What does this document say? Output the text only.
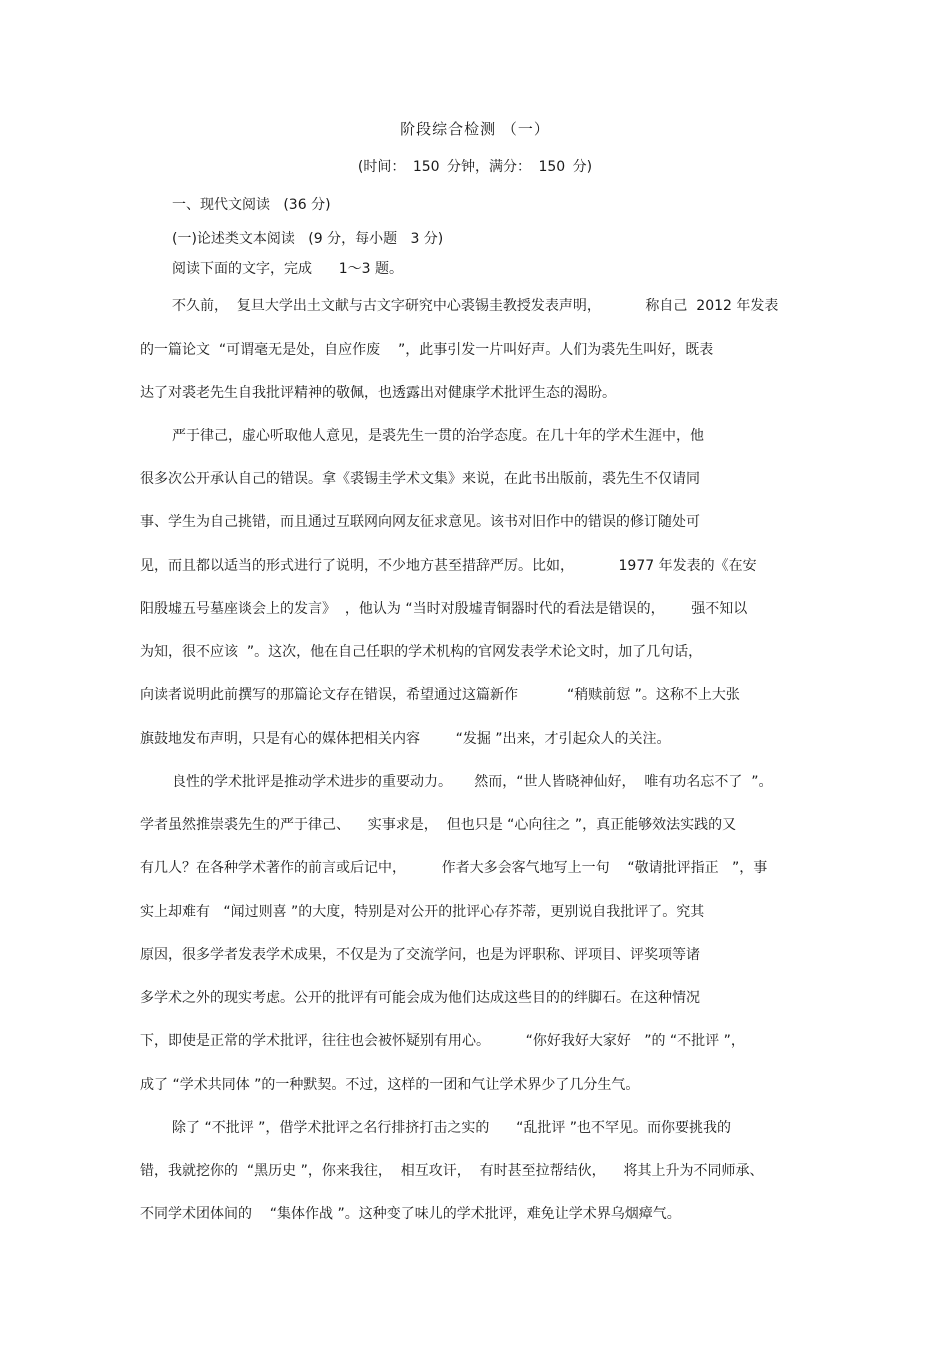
阶段综合检测 （一）
(时间： 150 分钟，满分： 150 分)
一、现代文阅读   (36 分)
(一)论述类文本阅读   (9 分，每小题   3 分)
阅读下面的文字，完成      1～3 题。
不久前，  复旦大学出土文献与古文字研究中心裘锡圭教授发表声明，          称自己  2012 年发表
的一篇论文  “可谓毫无是处，自应作废    ”，此事引发一片叫好声。人们为裘先生叫好，既表
达了对裘老先生自我批评精神的敬佩，也透露出对健康学术批评生态的渴盼。
严于律己，虚心听取他人意见，是裘先生一贯的治学态度。在几十年的学术生涯中，他
很多次公开承认自己的错误。拿《裘锡圭学术文集》来说，在此书出版前，裘先生不仅请同
事、学生为自己挑错，而且通过互联网向网友征求意见。该书对旧作中的错误的修订随处可
见，而且都以适当的形式进行了说明，不少地方甚至措辞严厉。比如，          1977 年发表的《在安
阳殷墟五号墓座谈会上的发言》  ，他认为 “当时对殷墟青铜器时代的看法是错误的，      强不知以
为知，很不应该  ”。这次，他在自己任职的学术机构的官网发表学术论文时，加了几句话，
向读者说明此前撰写的那篇论文存在错误，希望通过这篇新作           “稍赎前愆 ”。这称不上大张
旗鼓地发布声明，只是有心的媒体把相关内容        “发掘 ”出来，才引起众人的关注。
良性的学术批评是推动学术进步的重要动力。     然而，“世人皆晓神仙好，  唯有功名忘不了  ”。
学者虽然推崇裘先生的严于律己、    实事求是，  但也只是 “心向往之 ”，真正能够效法实践的又
有几人？在各种学术著作的前言或后记中，        作者大多会客气地写上一句    “敬请批评指正   ”，事
实上却难有   “闻过则喜 ”的大度，特别是对公开的批评心存芥蒂，更别说自我批评了。究其
原因，很多学者发表学术成果，不仅是为了交流学问，也是为评职称、评项目、评奖项等诸
多学术之外的现实考虑。公开的批评有可能会成为他们达成这些目的的绊脚石。在这种情况
下，即使是正常的学术批评，往往也会被怀疑别有用心。        “你好我好大家好   ”的 “不批评 ”，
成了 “学术共同体 ”的一种默契。不过，这样的一团和气让学术界少了几分生气。
除了 “不批评 ”，借学术批评之名行排挤打击之实的      “乱批评 ”也不罕见。而你要挑我的
错，我就挖你的  “黑历史 ”，你来我往，  相互攻讦，  有时甚至拉帮结伙，    将其上升为不同师承、
不同学术团体间的    “集体作战 ”。这种变了味儿的学术批评，难免让学术界乌烟瘴气。
